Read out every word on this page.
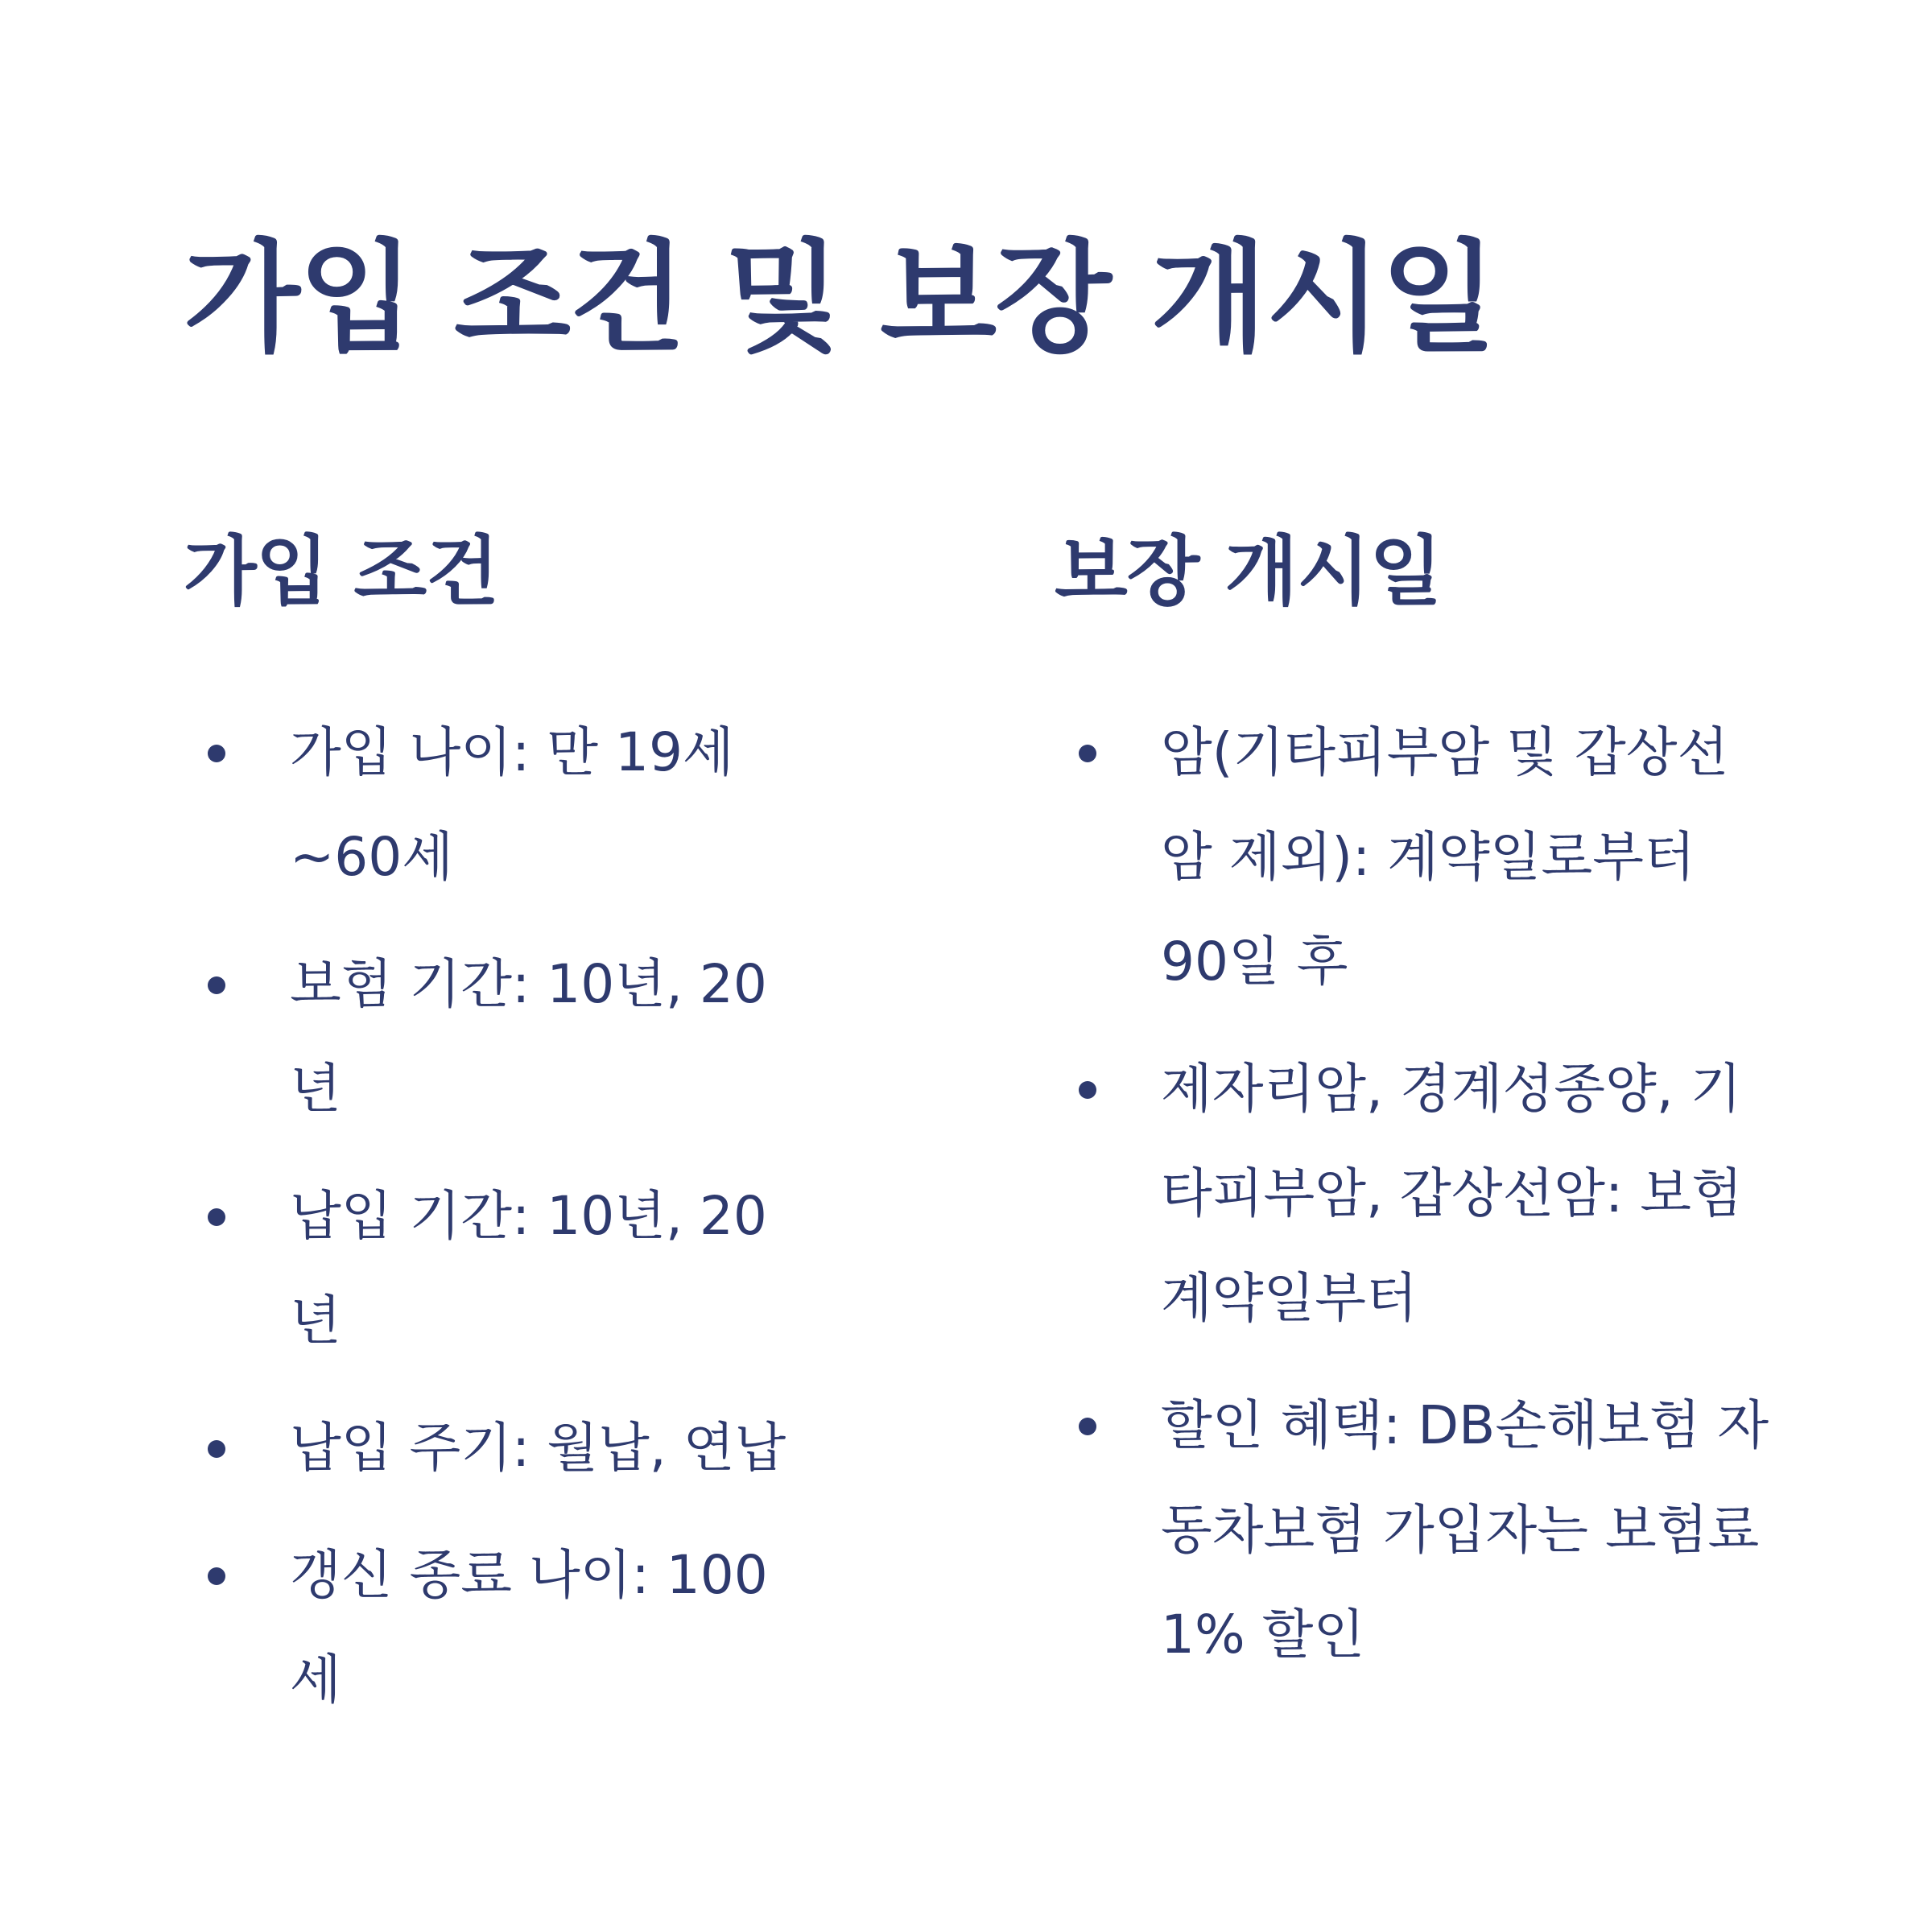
가입 조건 및 보장 개시일
가입 조건
가입 나이: 만 19세 ~60세
보험 기간: 10년, 20년
납입 기간: 10년, 20년
납입 주기: 월납, 연납
갱신 종료 나이: 100세
보장 개시일
암(기타피부암 및 갑상선암 제외): 계약일로부터 90일 후
제자리암, 경계성종양, 기타피부암, 갑상선암: 보험계약일부터
할인 혜택: DB손해보험 자동차보험 가입자는 보험료 1% 할인
